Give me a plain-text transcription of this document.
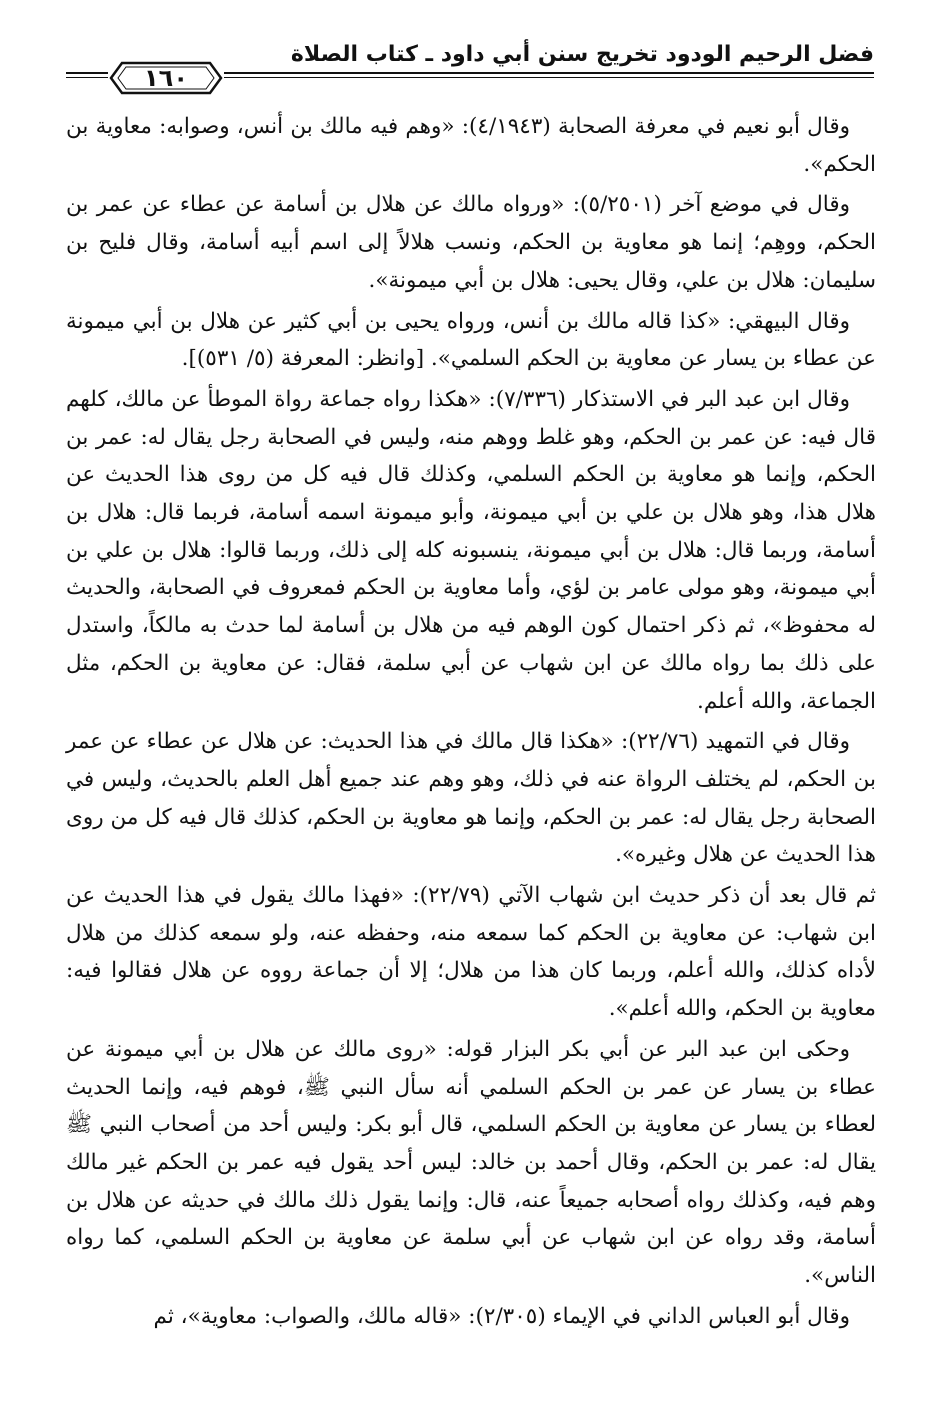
فضل الرحيم الودود تخريج سنن أبي داود ـ كتاب الصلاة
١٦٠

وقال أبو نعيم في معرفة الصحابة (٤/١٩٤٣): «وهم فيه مالك بن أنس، وصوابه: معاوية بن الحكم».

وقال في موضع آخر (٥/٢٥٠١): «ورواه مالك عن هلال بن أسامة عن عطاء عن عمر بن الحكم، ووهِم؛ إنما هو معاوية بن الحكم، ونسب هلالاً إلى اسم أبيه أسامة، وقال فليح بن سليمان: هلال بن علي، وقال يحيى: هلال بن أبي ميمونة».

وقال البيهقي: «كذا قاله مالك بن أنس، ورواه يحيى بن أبي كثير عن هلال بن أبي ميمونة عن عطاء بن يسار عن معاوية بن الحكم السلمي». [وانظر: المعرفة (٥/ ٥٣١)].

وقال ابن عبد البر في الاستذكار (٧/٣٣٦): «هكذا رواه جماعة رواة الموطأ عن مالك، كلهم قال فيه: عن عمر بن الحكم، وهو غلط ووهم منه، وليس في الصحابة رجل يقال له: عمر بن الحكم، وإنما هو معاوية بن الحكم السلمي، وكذلك قال فيه كل من روى هذا الحديث عن هلال هذا، وهو هلال بن علي بن أبي ميمونة، وأبو ميمونة اسمه أسامة، فربما قال: هلال بن أسامة، وربما قال: هلال بن أبي ميمونة، ينسبونه كله إلى ذلك، وربما قالوا: هلال بن علي بن أبي ميمونة، وهو مولى عامر بن لؤي، وأما معاوية بن الحكم فمعروف في الصحابة، والحديث له محفوظ»، ثم ذكر احتمال كون الوهم فيه من هلال بن أسامة لما حدث به مالكاً، واستدل على ذلك بما رواه مالك عن ابن شهاب عن أبي سلمة، فقال: عن معاوية بن الحكم، مثل الجماعة، والله أعلم.

وقال في التمهيد (٢٢/٧٦): «هكذا قال مالك في هذا الحديث: عن هلال عن عطاء عن عمر بن الحكم، لم يختلف الرواة عنه في ذلك، وهو وهم عند جميع أهل العلم بالحديث، وليس في الصحابة رجل يقال له: عمر بن الحكم، وإنما هو معاوية بن الحكم، كذلك قال فيه كل من روى هذا الحديث عن هلال وغيره».

ثم قال بعد أن ذكر حديث ابن شهاب الآتي (٢٢/٧٩): «فهذا مالك يقول في هذا الحديث عن ابن شهاب: عن معاوية بن الحكم كما سمعه منه، وحفظه عنه، ولو سمعه كذلك من هلال لأداه كذلك، والله أعلم، وربما كان هذا من هلال؛ إلا أن جماعة رووه عن هلال فقالوا فيه: معاوية بن الحكم، والله أعلم».

وحكى ابن عبد البر عن أبي بكر البزار قوله: «روى مالك عن هلال بن أبي ميمونة عن عطاء بن يسار عن عمر بن الحكم السلمي أنه سأل النبي ﷺ، فوهم فيه، وإنما الحديث لعطاء بن يسار عن معاوية بن الحكم السلمي، قال أبو بكر: وليس أحد من أصحاب النبي ﷺ يقال له: عمر بن الحكم، وقال أحمد بن خالد: ليس أحد يقول فيه عمر بن الحكم غير مالك وهم فيه، وكذلك رواه أصحابه جميعاً عنه، قال: وإنما يقول ذلك مالك في حديثه عن هلال بن أسامة، وقد رواه عن ابن شهاب عن أبي سلمة عن معاوية بن الحكم السلمي، كما رواه الناس».

وقال أبو العباس الداني في الإيماء (٢/٣٠٥): «قاله مالك، والصواب: معاوية»، ثم
